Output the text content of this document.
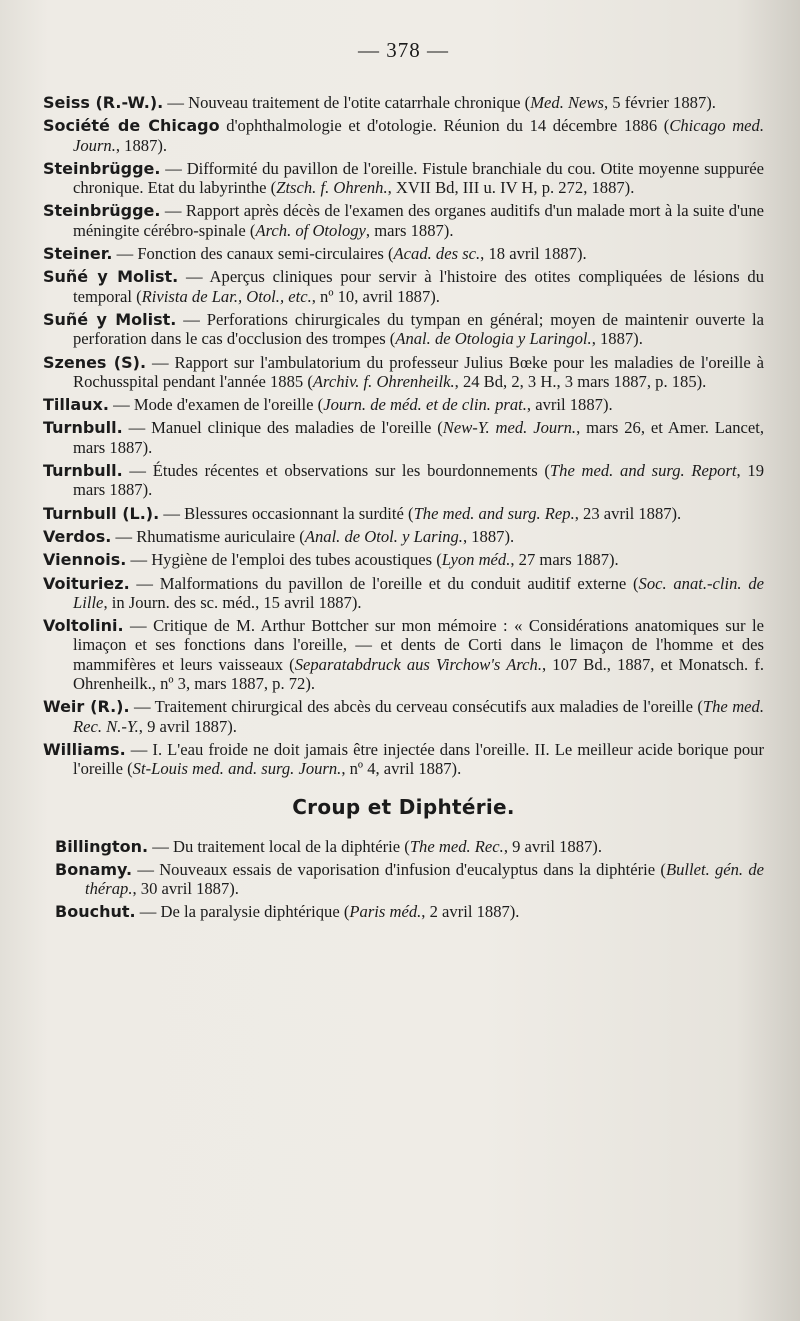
— 378 —

Seiss (R.-W.). — Nouveau traitement de l'otite catarrhale chronique (Med. News, 5 février 1887).

Société de Chicago d'ophthalmologie et d'otologie. Réunion du 14 décembre 1886 (Chicago med. Journ., 1887).

Steinbrügge. — Difformité du pavillon de l'oreille. Fistule branchiale du cou. Otite moyenne suppurée chronique. Etat du labyrinthe (Ztsch. f. Ohrenh., XVII Bd, III u. IV H, p. 272, 1887).

Steinbrügge. — Rapport après décès de l'examen des organes auditifs d'un malade mort à la suite d'une méningite cérébro-spinale (Arch. of Otology, mars 1887).

Steiner. — Fonction des canaux semi-circulaires (Acad. des sc., 18 avril 1887).

Suñé y Molist. — Aperçus cliniques pour servir à l'histoire des otites compliquées de lésions du temporal (Rivista de Lar., Otol., etc., nº 10, avril 1887).

Suñé y Molist. — Perforations chirurgicales du tympan en général; moyen de maintenir ouverte la perforation dans le cas d'occlusion des trompes (Anal. de Otologia y Laringol., 1887).

Szenes (S). — Rapport sur l'ambulatorium du professeur Julius Bœke pour les maladies de l'oreille à Rochusspital pendant l'année 1885 (Archiv. f. Ohrenheilk., 24 Bd, 2, 3 H., 3 mars 1887, p. 185).

Tillaux. — Mode d'examen de l'oreille (Journ. de méd. et de clin. prat., avril 1887).

Turnbull. — Manuel clinique des maladies de l'oreille (New-Y. med. Journ., mars 26, et Amer. Lancet, mars 1887).

Turnbull. — Études récentes et observations sur les bourdonnements (The med. and surg. Report, 19 mars 1887).

Turnbull (L.). — Blessures occasionnant la surdité (The med. and surg. Rep., 23 avril 1887).

Verdos. — Rhumatisme auriculaire (Anal. de Otol. y Laring., 1887).

Viennois. — Hygiène de l'emploi des tubes acoustiques (Lyon méd., 27 mars 1887).

Voituriez. — Malformations du pavillon de l'oreille et du conduit auditif externe (Soc. anat.-clin. de Lille, in Journ. des sc. méd., 15 avril 1887).

Voltolini. — Critique de M. Arthur Bottcher sur mon mémoire : « Considérations anatomiques sur le limaçon et ses fonctions dans l'oreille, — et dents de Corti dans le limaçon de l'homme et des mammifères et leurs vaisseaux (Separatabdruck aus Virchow's Arch., 107 Bd., 1887, et Monatsch. f. Ohrenheilk., nº 3, mars 1887, p. 72).

Weir (R.). — Traitement chirurgical des abcès du cerveau consécutifs aux maladies de l'oreille (The med. Rec. N.-Y., 9 avril 1887).

Williams. — I. L'eau froide ne doit jamais être injectée dans l'oreille. II. Le meilleur acide borique pour l'oreille (St-Louis med. and. surg. Journ., nº 4, avril 1887).

Croup et Diphtérie.

Billington. — Du traitement local de la diphtérie (The med. Rec., 9 avril 1887).

Bonamy. — Nouveaux essais de vaporisation d'infusion d'eucalyptus dans la diphtérie (Bullet. gén. de thérap., 30 avril 1887).

Bouchut. — De la paralysie diphtérique (Paris méd., 2 avril 1887).
